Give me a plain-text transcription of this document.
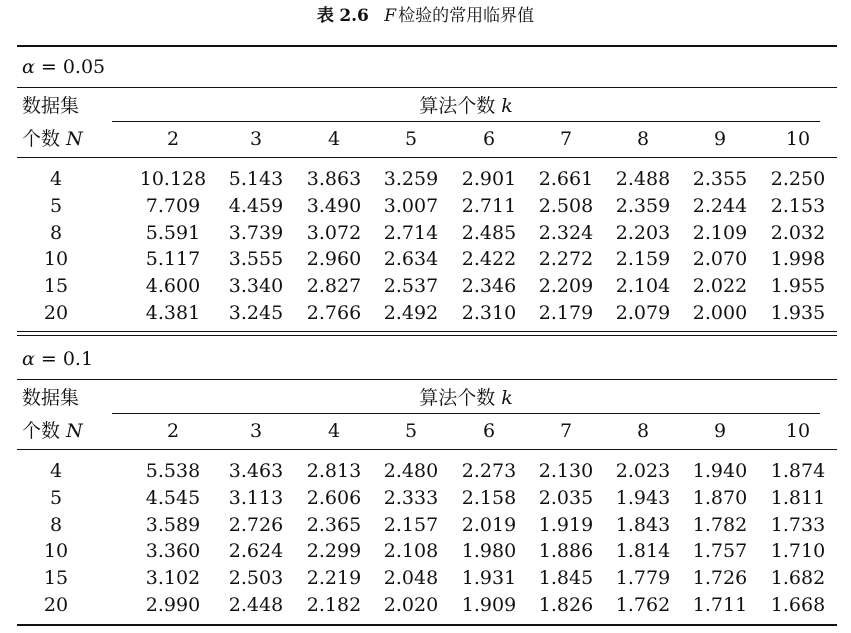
表 2.6 F 检验的常用临界值
α = 0.05
数据集
个数 N
算法个数 k
2	3	4	5	6	7	8	9	10
4	10.128	5.143	3.863	3.259	2.901	2.661	2.488	2.355	2.250
5	7.709	4.459	3.490	3.007	2.711	2.508	2.359	2.244	2.153
8	5.591	3.739	3.072	2.714	2.485	2.324	2.203	2.109	2.032
10	5.117	3.555	2.960	2.634	2.422	2.272	2.159	2.070	1.998
15	4.600	3.340	2.827	2.537	2.346	2.209	2.104	2.022	1.955
20	4.381	3.245	2.766	2.492	2.310	2.179	2.079	2.000	1.935
α = 0.1
数据集
个数 N
算法个数 k
2	3	4	5	6	7	8	9	10
4	5.538	3.463	2.813	2.480	2.273	2.130	2.023	1.940	1.874
5	4.545	3.113	2.606	2.333	2.158	2.035	1.943	1.870	1.811
8	3.589	2.726	2.365	2.157	2.019	1.919	1.843	1.782	1.733
10	3.360	2.624	2.299	2.108	1.980	1.886	1.814	1.757	1.710
15	3.102	2.503	2.219	2.048	1.931	1.845	1.779	1.726	1.682
20	2.990	2.448	2.182	2.020	1.909	1.826	1.762	1.711	1.668
